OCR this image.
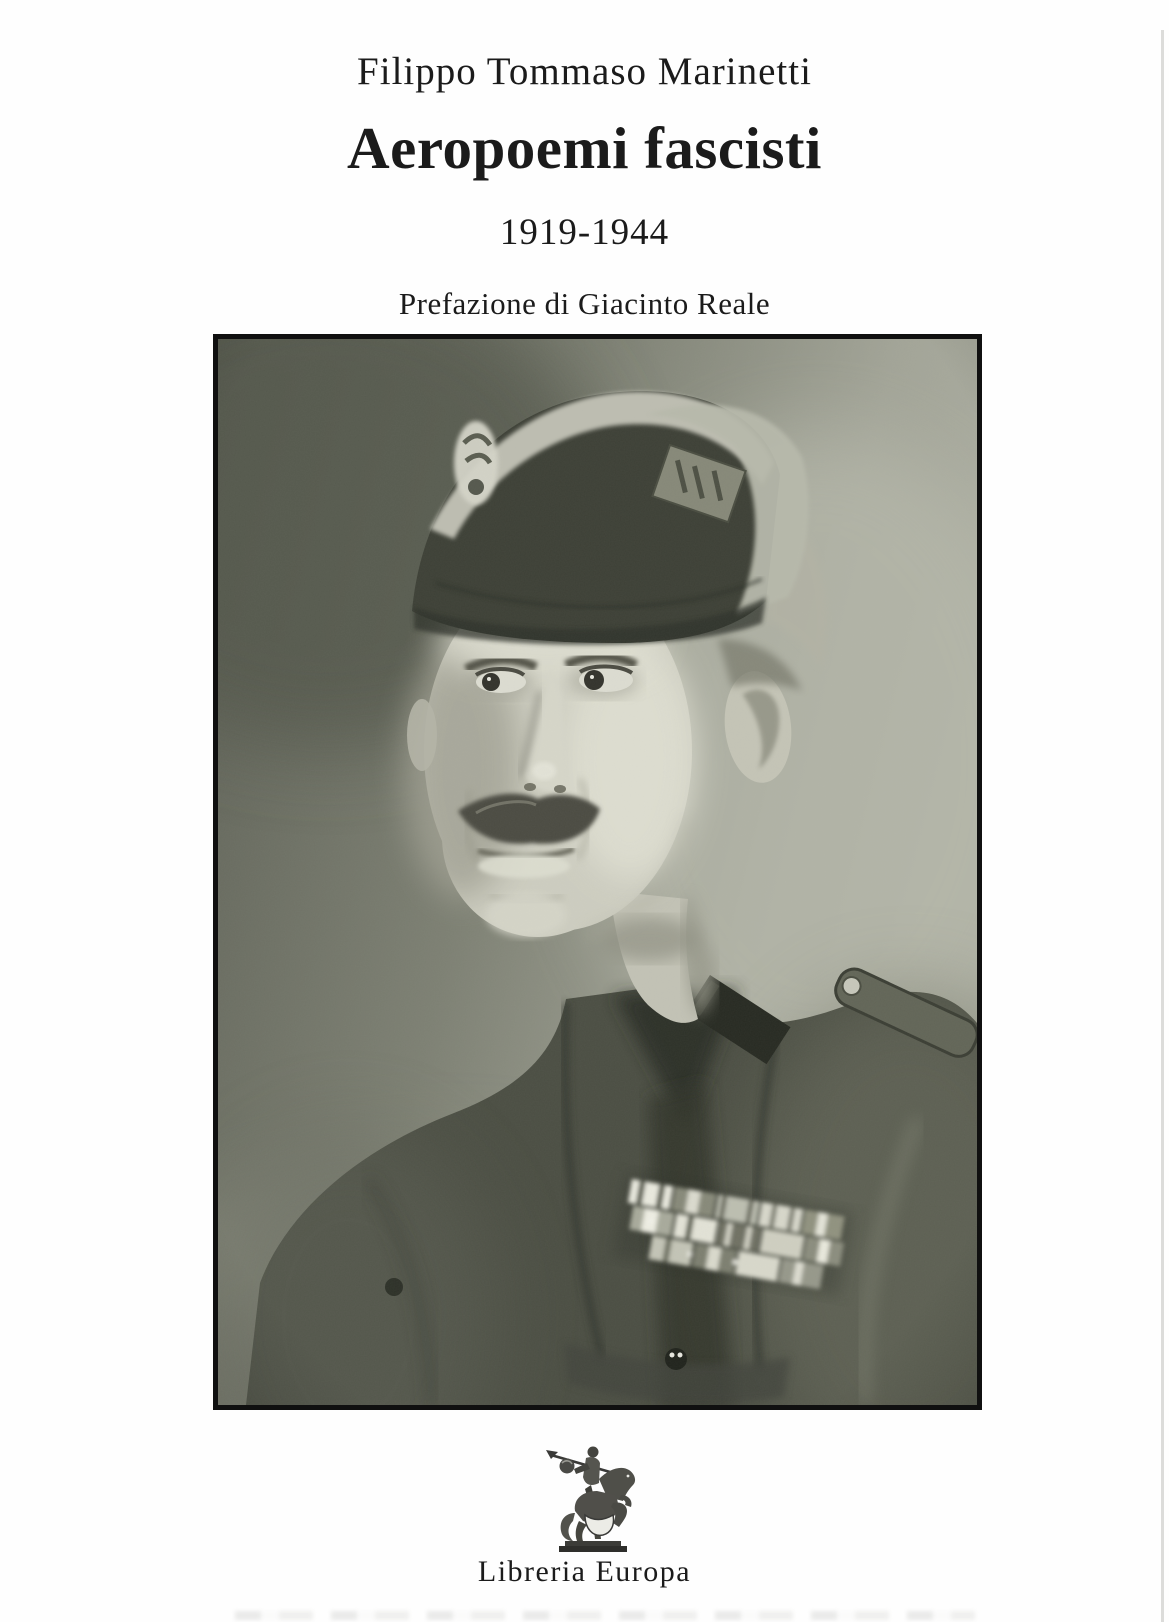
Filippo Tommaso Marinetti
Aeropoemi fascisti
1919-1944
Prefazione di Giacinto Reale
Libreria Europa
